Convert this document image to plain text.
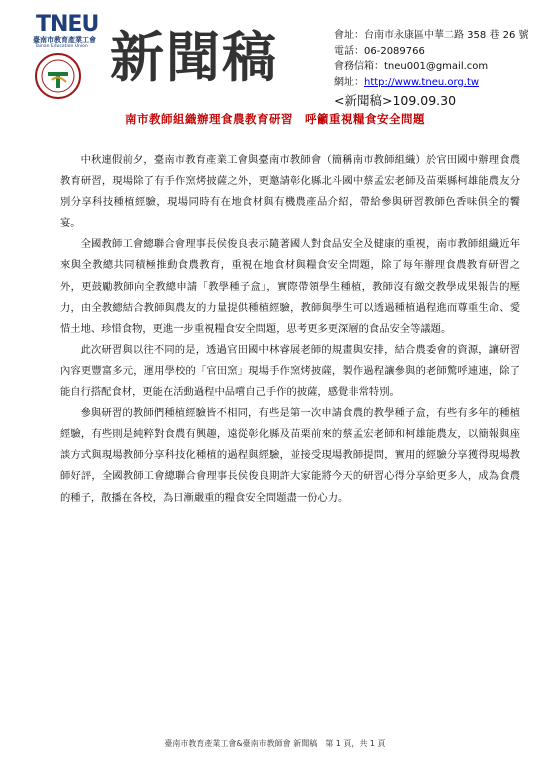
TNEU
臺南市教育產業工會
Tainan Education Union 新聞稿	會址：台南市永康區中華二路 358 巷 26 號
電話：06-2089766
會務信箱：tneu001@gmail.com
網址：http://www.tneu.org.tw
<新聞稿>109.09.30
南市教師組織辦理食農教育研習　呼籲重視糧食安全問題

中秋連假前夕，臺南市教育產業工會與臺南市教師會（簡稱南市教師組織）於官田國中辦理食農教育研習，現場除了有手作窯烤披薩之外，更邀請彰化縣北斗國中蔡孟宏老師及苗栗縣柯雄能農友分別分享科技種植經驗，現場同時有在地食材與有機農產品介紹，帶給參與研習教師色香味俱全的饗宴。

全國教師工會總聯合會理事長侯俊良表示隨著國人對食品安全及健康的重視，南市教師組織近年來與全教總共同積極推動食農教育，重視在地食材與糧食安全問題，除了每年辦理食農教育研習之外，更鼓勵教師向全教總申請「教學種子盒」，實際帶領學生種植，教師沒有繳交教學成果報告的壓力，由全教總結合教師與農友的力量提供種植經驗，教師與學生可以透過種植過程進而尊重生命、愛惜土地、珍惜食物，更進一步重視糧食安全問題，思考更多更深層的食品安全等議題。

此次研習與以往不同的是，透過官田國中林睿展老師的規畫與安排，結合農委會的資源，讓研習內容更豐富多元，運用學校的「官田窯」現場手作窯烤披薩，製作過程讓參與的老師驚呼連連，除了能自行搭配食材，更能在活動過程中品嚐自己手作的披薩，感覺非常特別。

參與研習的教師們種植經驗皆不相同，有些是第一次申請食農的教學種子盒，有些有多年的種植經驗，有些則是純粹對食農有興趣，遠從彰化縣及苗栗前來的蔡孟宏老師和柯雄能農友，以簡報與座談方式與現場教師分享科技化種植的過程與經驗，並接受現場教師提問，實用的經驗分享獲得現場教師好評，全國教師工會總聯合會理事長侯俊良期許大家能將今天的研習心得分享給更多人，成為食農的種子，散播在各校，為日漸嚴重的糧食安全問題盡一份心力。

臺南市教育產業工會&臺南市教師會 新聞稿　第 1 頁，共 1 頁
